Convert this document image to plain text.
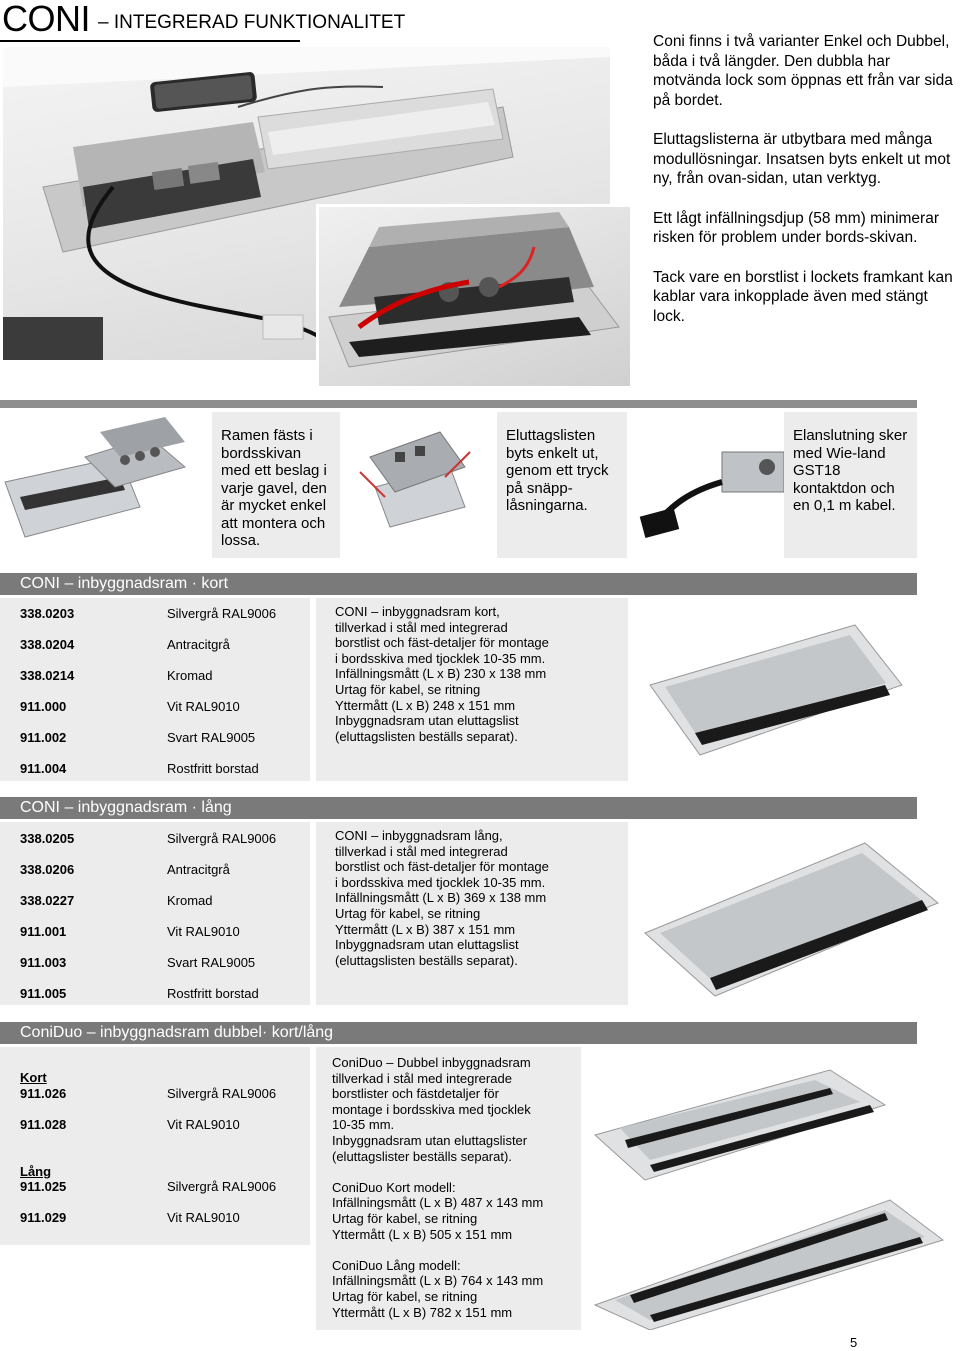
CONI – INTEGRERAD FUNKTIONALITET

Coni finns i två varianter Enkel och Dubbel, båda i två längder. Den dubbla har motvända lock som öppnas ett från var sida på bordet.

Eluttagslisterna är utbytbara med många modullösningar. Insatsen byts enkelt ut mot ny, från ovan-sidan, utan verktyg.

Ett lågt infällningsdjup (58 mm) minimerar risken för problem under bords-skivan.

Tack vare en borstlist i lockets framkant kan kablar vara inkopplade även med stängt lock.

Ramen fästs i bordsskivan med ett beslag i varje gavel, den är mycket enkel att montera och lossa.
Eluttagslisten byts enkelt ut, genom ett tryck på snäpp-låsningarna.
Elanslutning sker med Wie-land GST18 kontaktdon och en 0,1 m kabel.
CONI – inbyggnadsram · kort
338.0203	Silvergrå RAL9006
338.0204	Antracitgrå
338.0214	Kromad
911.000	Vit RAL9010
911.002	Svart RAL9005
911.004	Rostfritt borstad
CONI – inbyggnadsram kort,
tillverkad i stål med integrerad
borstlist och fäst-detaljer för montage
i bordsskiva med tjocklek 10-35 mm.
Infällningsmått (L x B) 230 x 138 mm
Urtag för kabel, se ritning
Yttermått (L x B) 248 x 151 mm
Inbyggnadsram utan eluttagslist
(eluttagslisten beställs separat).
CONI – inbyggnadsram · lång
338.0205	Silvergrå RAL9006
338.0206	Antracitgrå
338.0227	Kromad
911.001	Vit RAL9010
911.003	Svart RAL9005
911.005	Rostfritt borstad
CONI – inbyggnadsram lång,
tillverkad i stål med integrerad
borstlist och fäst-detaljer för montage
i bordsskiva med tjocklek 10-35 mm.
Infällningsmått (L x B) 369 x 138 mm
Urtag för kabel, se ritning
Yttermått (L x B) 387 x 151 mm
Inbyggnadsram utan eluttagslist
(eluttagslisten beställs separat).
ConiDuo – inbyggnadsram dubbel· kort/lång
Kort
911.026	Silvergrå RAL9006
911.028	Vit RAL9010
Lång
911.025	Silvergrå RAL9006
911.029	Vit RAL9010
ConiDuo – Dubbel inbyggnadsram
tillverkad i stål med integrerade
borstlister och fästdetaljer för
montage i bordsskiva med tjocklek
10-35 mm.
Inbyggnadsram utan eluttagslister
(eluttagslister beställs separat).
ConiDuo Kort modell:
Infällningsmått (L x B) 487 x 143 mm
Urtag för kabel, se ritning
Yttermått (L x B) 505 x 151 mm
ConiDuo Lång modell:
Infällningsmått (L x B) 764 x 143 mm
Urtag för kabel, se ritning
Yttermått (L x B) 782 x 151 mm
5
